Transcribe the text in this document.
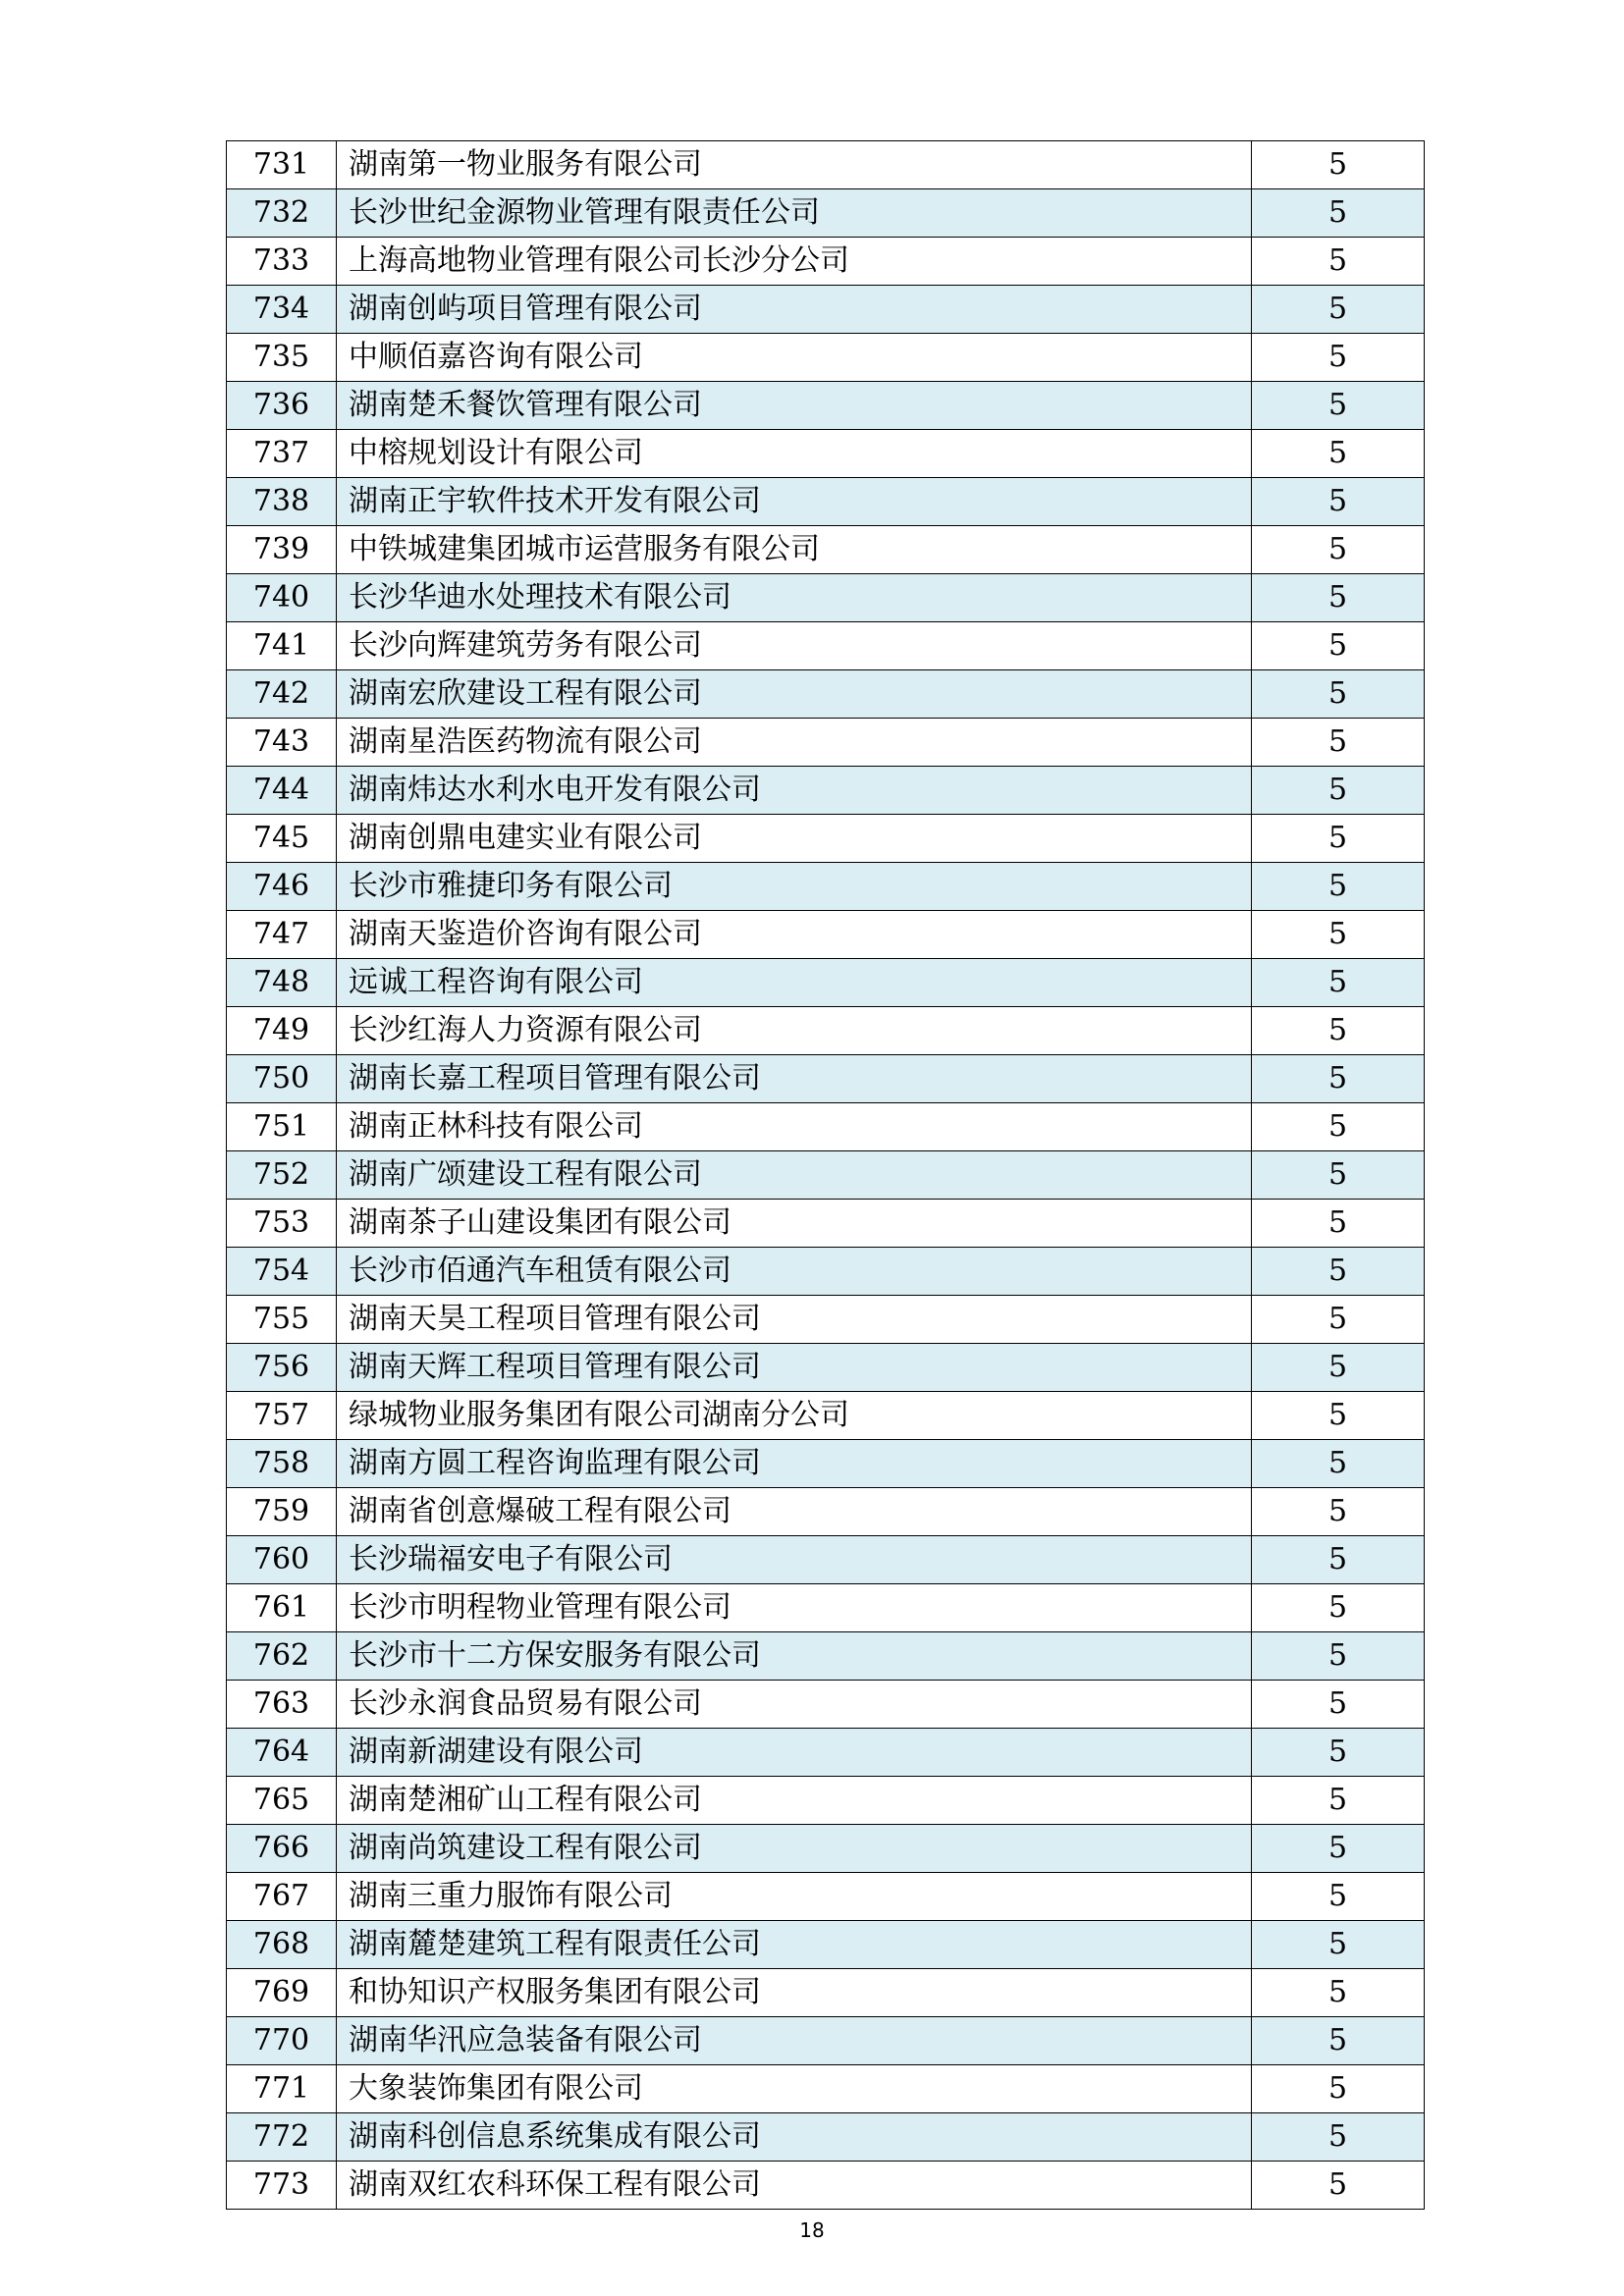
731	湖南第一物业服务有限公司	5
732	长沙世纪金源物业管理有限责任公司	5
733	上海高地物业管理有限公司长沙分公司	5
734	湖南创屿项目管理有限公司	5
735	中顺佰嘉咨询有限公司	5
736	湖南楚禾餐饮管理有限公司	5
737	中榕规划设计有限公司	5
738	湖南正宇软件技术开发有限公司	5
739	中铁城建集团城市运营服务有限公司	5
740	长沙华迪水处理技术有限公司	5
741	长沙向辉建筑劳务有限公司	5
742	湖南宏欣建设工程有限公司	5
743	湖南星浩医药物流有限公司	5
744	湖南炜达水利水电开发有限公司	5
745	湖南创鼎电建实业有限公司	5
746	长沙市雅捷印务有限公司	5
747	湖南天鉴造价咨询有限公司	5
748	远诚工程咨询有限公司	5
749	长沙红海人力资源有限公司	5
750	湖南长嘉工程项目管理有限公司	5
751	湖南正林科技有限公司	5
752	湖南广颂建设工程有限公司	5
753	湖南茶子山建设集团有限公司	5
754	长沙市佰通汽车租赁有限公司	5
755	湖南天昊工程项目管理有限公司	5
756	湖南天辉工程项目管理有限公司	5
757	绿城物业服务集团有限公司湖南分公司	5
758	湖南方圆工程咨询监理有限公司	5
759	湖南省创意爆破工程有限公司	5
760	长沙瑞福安电子有限公司	5
761	长沙市明程物业管理有限公司	5
762	长沙市十二方保安服务有限公司	5
763	长沙永润食品贸易有限公司	5
764	湖南新湖建设有限公司	5
765	湖南楚湘矿山工程有限公司	5
766	湖南尚筑建设工程有限公司	5
767	湖南三重力服饰有限公司	5
768	湖南麓楚建筑工程有限责任公司	5
769	和协知识产权服务集团有限公司	5
770	湖南华汛应急装备有限公司	5
771	大象装饰集团有限公司	5
772	湖南科创信息系统集成有限公司	5
773	湖南双红农科环保工程有限公司	5
18
